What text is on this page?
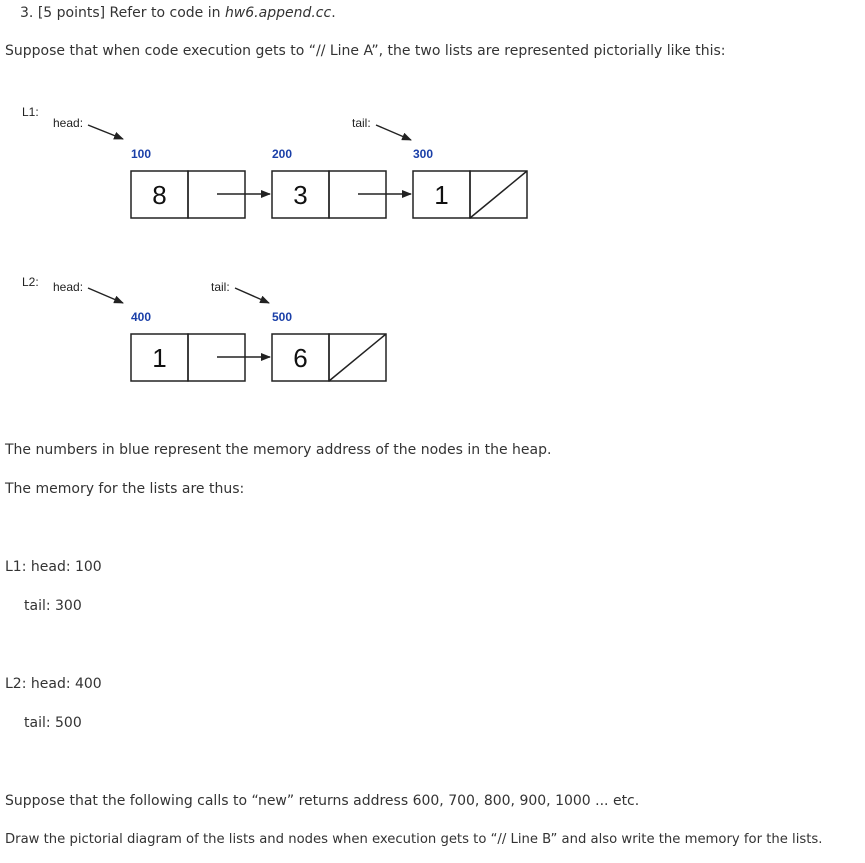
3. [5 points] Refer to code in hw6.append.cc.
Suppose that when code execution gets to “// Line A”, the two lists are represented pictorially like this:
L1:
head:	tail:
100
8
200
3
300
1
L2: head:	tail:
400
1
500
6
The numbers in blue represent the memory address of the nodes in the heap.
The memory for the lists are thus:
L1: head: 100
tail: 300
L2: head: 400
tail: 500
Suppose that the following calls to “new” returns address 600, 700, 800, 900, 1000 ... etc.
Draw the pictorial diagram of the lists and nodes when execution gets to “// Line B” and also write the memory for the lists.
